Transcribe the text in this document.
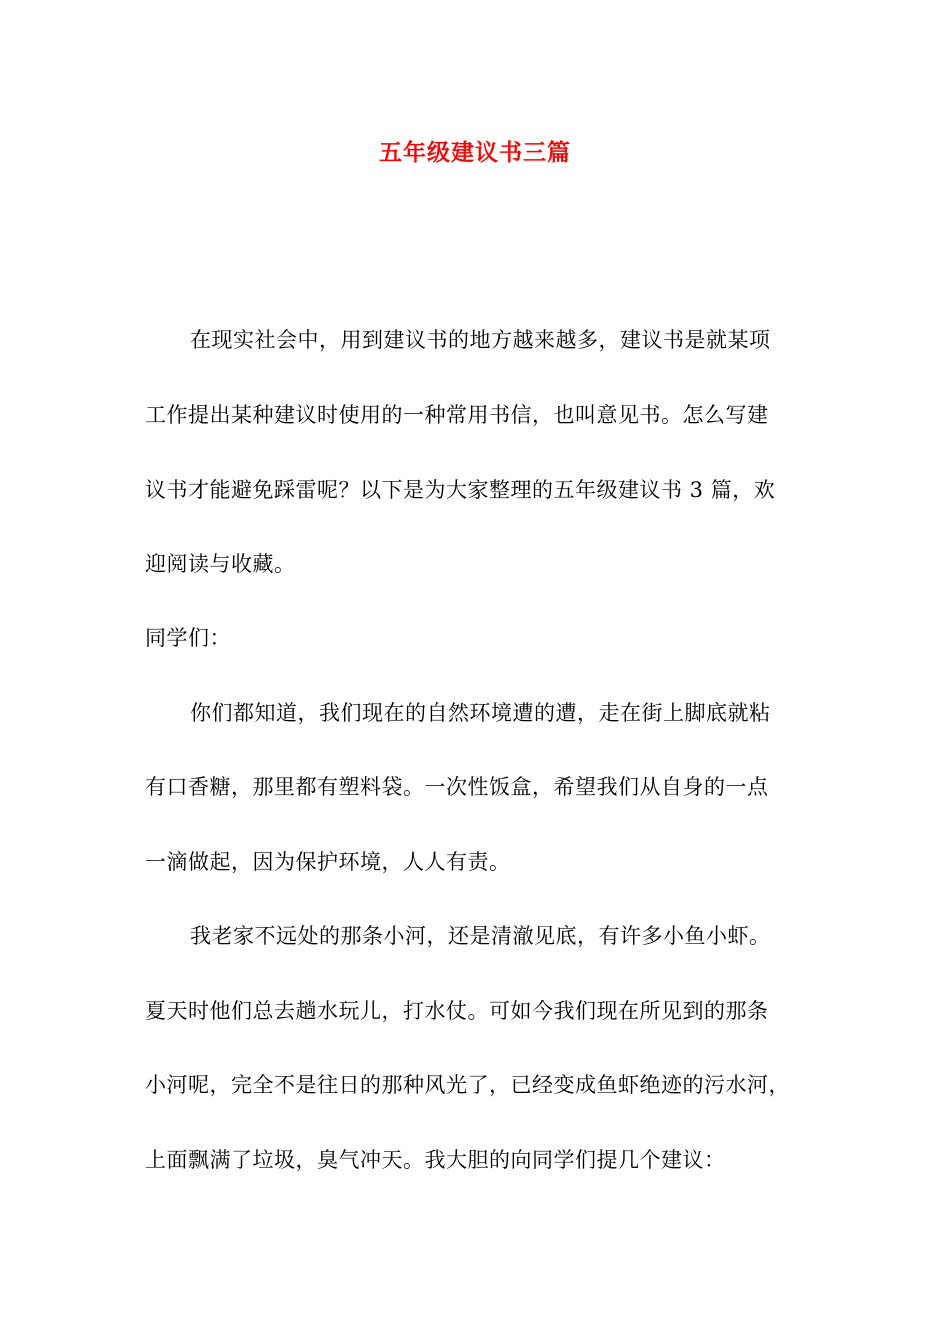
五年级建议书三篇
在现实社会中，用到建议书的地方越来越多，建议书是就某项
工作提出某种建议时使用的一种常用书信，也叫意见书。怎么写建
议书才能避免踩雷呢？以下是为大家整理的五年级建议书 3 篇，欢
迎阅读与收藏。
同学们：
你们都知道，我们现在的自然环境遭的遭，走在街上脚底就粘
有口香糖，那里都有塑料袋。一次性饭盒，希望我们从自身的一点
一滴做起，因为保护环境，人人有责。
我老家不远处的那条小河，还是清澈见底，有许多小鱼小虾。
夏天时他们总去趟水玩儿，打水仗。可如今我们现在所见到的那条
小河呢，完全不是往日的那种风光了，已经变成鱼虾绝迹的污水河，
上面飘满了垃圾，臭气冲天。我大胆的向同学们提几个建议：
